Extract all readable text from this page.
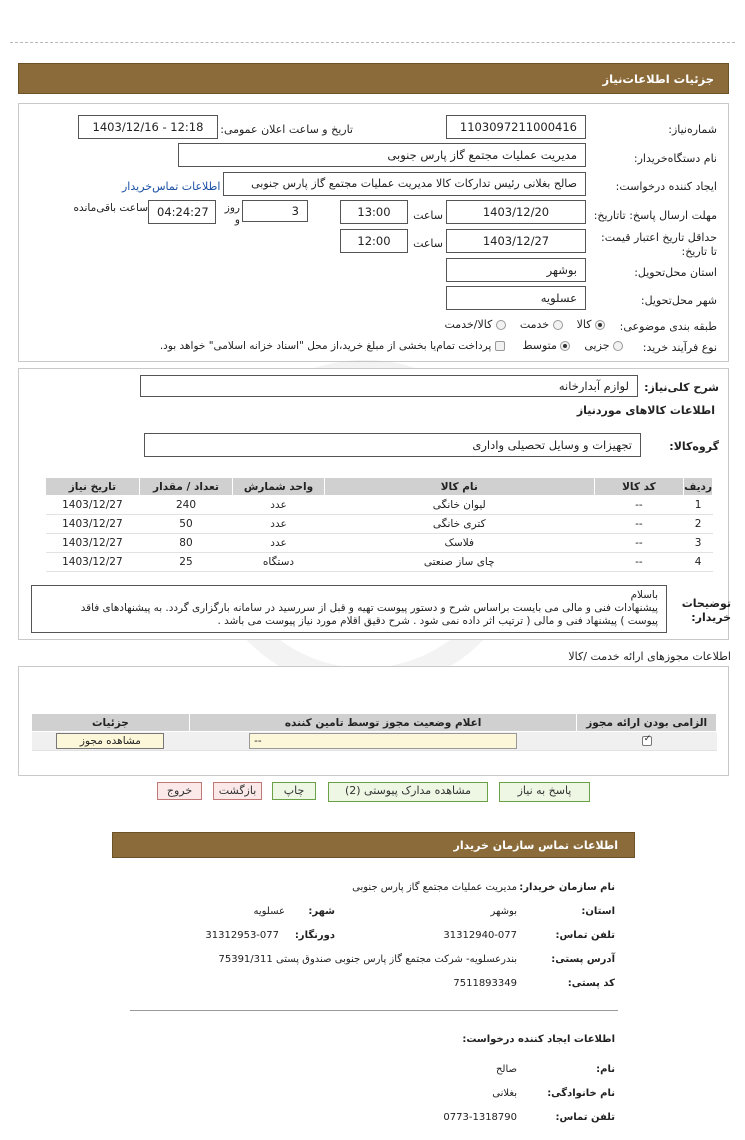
جزئیات اطلاعات‌نیاز
شماره‌نیاز:
1103097211000416
تاریخ و ساعت اعلان عمومی:
1403/12/16 - 12:18
نام دستگاه‌خریدار:
مدیریت عملیات مجتمع گاز پارس جنوبی
ایجاد کننده درخواست:
صالح بغلانی رئیس تدارکات کالا مدیریت عملیات مجتمع گاز پارس جنوبی
اطلاعات تماس‌خریدار
مهلت ارسال پاسخ: تاتاریخ:
1403/12/20
ساعت
13:00
3
روز و
04:24:27
ساعت باقی‌مانده
حداقل تاریخ اعتبار قیمت: تا تاریخ:
1403/12/27
ساعت
12:00
استان محل‌تحویل:
بوشهر
شهر محل‌تحویل:
عسلویه
طبقه بندی موضوعی:
کالا     خدمت     کالا/خدمت
نوع فرآیند خرید:
جزیی     متوسط      پرداخت تمام‌یا بخشی از مبلغ خرید،از محل "اسناد خزانه اسلامی" خواهد بود.
شرح کلی‌نیاز:
لوازم آبدارخانه
اطلاعات کالاهای موردنیاز
گروه‌کالا:
تجهیزات و وسایل تحصیلی واداری
ردیف	کد کالا	نام کالا	واحد شمارش	تعداد / مقدار	تاریخ نیاز
1	--	لیوان خانگی	عدد	240	1403/12/27
2	--	کتری خانگی	عدد	50	1403/12/27
3	--	فلاسک	عدد	80	1403/12/27
4	--	چای ساز صنعتی	دستگاه	25	1403/12/27
توضیحات خریدار:
باسلام
پیشنهادات فنی و مالی می بایست براساس شرح و دستور پیوست تهیه و قبل از سررسید در سامانه بارگزاری گردد. به پیشنهادهای فاقد
پیوست ) پیشنهاد فنی و مالی ( ترتیب اثر داده نمی شود . شرح دقیق اقلام مورد نیاز پیوست می باشد .
اطلاعات مجوزهای ارائه خدمت /کالا
الزامی بودن ارائه مجوز	اعلام وضعیت مجوز توسط تامین کننده	جزئیات

✓	--	مشاهده مجوز
پاسخ به نیاز
مشاهده مدارک پیوستی (2)
چاپ
بازگشت
خروج
اطلاعات تماس سازمان خریدار
نام سازمان خریدار:
مدیریت عملیات مجتمع گاز پارس جنوبی
استان:
بوشهر
شهر:
عسلویه
تلفن تماس:
31312940-077
دورنگار:
31312953-077
آدرس پستی:
بندرعسلویه- شرکت مجتمع گاز پارس جنوبی صندوق پستی 75391/311
کد پستی:
7511893349
اطلاعات ایجاد کننده درخواست:
نام:
صالح
نام خانوادگی:
بغلانی
تلفن تماس:
0773-1318790
